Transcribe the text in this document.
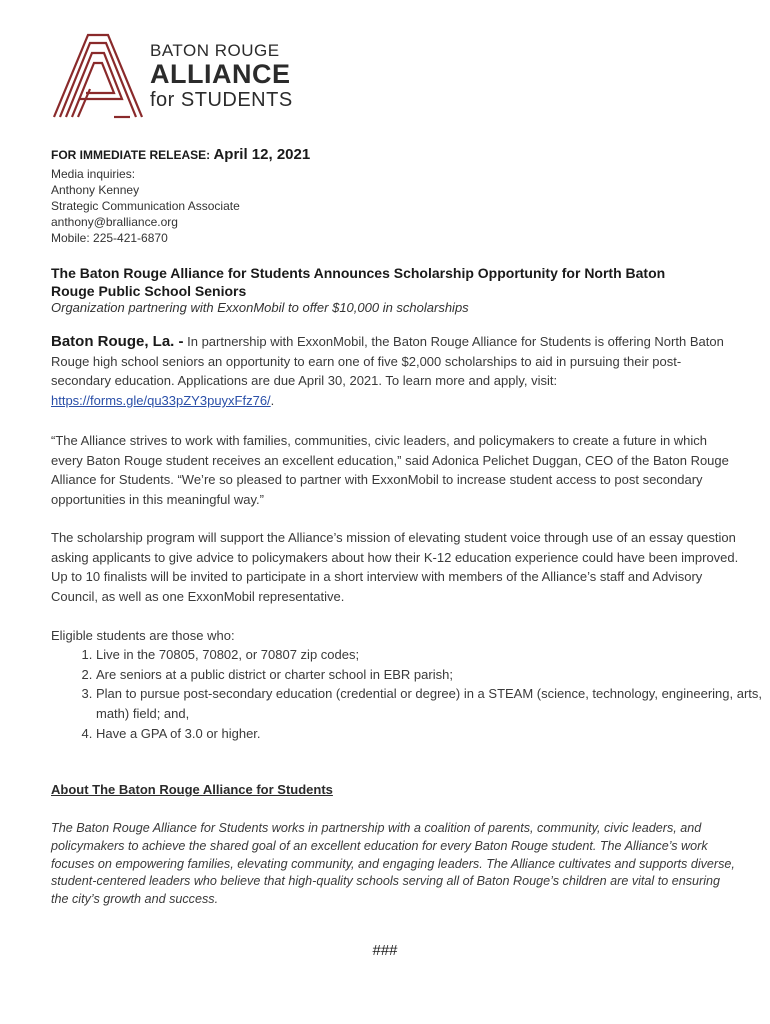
BATON ROUGE
ALLIANCE
for STUDENTS
FOR IMMEDIATE RELEASE: April 12, 2021
Media inquiries:
Anthony Kenney
Strategic Communication Associate
anthony@bralliance.org
Mobile: 225-421-6870
The Baton Rouge Alliance for Students Announces Scholarship Opportunity for North Baton Rouge Public School Seniors
Organization partnering with ExxonMobil to offer $10,000 in scholarships
Baton Rouge, La. - In partnership with ExxonMobil, the Baton Rouge Alliance for Students is offering North Baton Rouge high school seniors an opportunity to earn one of five $2,000 scholarships to aid in pursuing their post-secondary education. Applications are due April 30, 2021. To learn more and apply, visit: https://forms.gle/qu33pZY3puyxFfz76/.
“The Alliance strives to work with families, communities, civic leaders, and policymakers to create a future in which every Baton Rouge student receives an excellent education,” said Adonica Pelichet Duggan, CEO of the Baton Rouge Alliance for Students. “We’re so pleased to partner with ExxonMobil to increase student access to post secondary opportunities in this meaningful way.”
The scholarship program will support the Alliance’s mission of elevating student voice through use of an essay question asking applicants to give advice to policymakers about how their K-12 education experience could have been improved. Up to 10 finalists will be invited to participate in a short interview with members of the Alliance’s staff and Advisory Council, as well as one ExxonMobil representative.
Eligible students are those who:
1. Live in the 70805, 70802, or 70807 zip codes;
2. Are seniors at a public district or charter school in EBR parish;
3. Plan to pursue post-secondary education (credential or degree) in a STEAM (science, technology, engineering, arts, math) field; and,
4. Have a GPA of 3.0 or higher.
About The Baton Rouge Alliance for Students
The Baton Rouge Alliance for Students works in partnership with a coalition of parents, community, civic leaders, and policymakers to achieve the shared goal of an excellent education for every Baton Rouge student. The Alliance’s work focuses on empowering families, elevating community, and engaging leaders. The Alliance cultivates and supports diverse, student-centered leaders who believe that high-quality schools serving all of Baton Rouge’s children are vital to ensuring the city’s growth and success.
###
